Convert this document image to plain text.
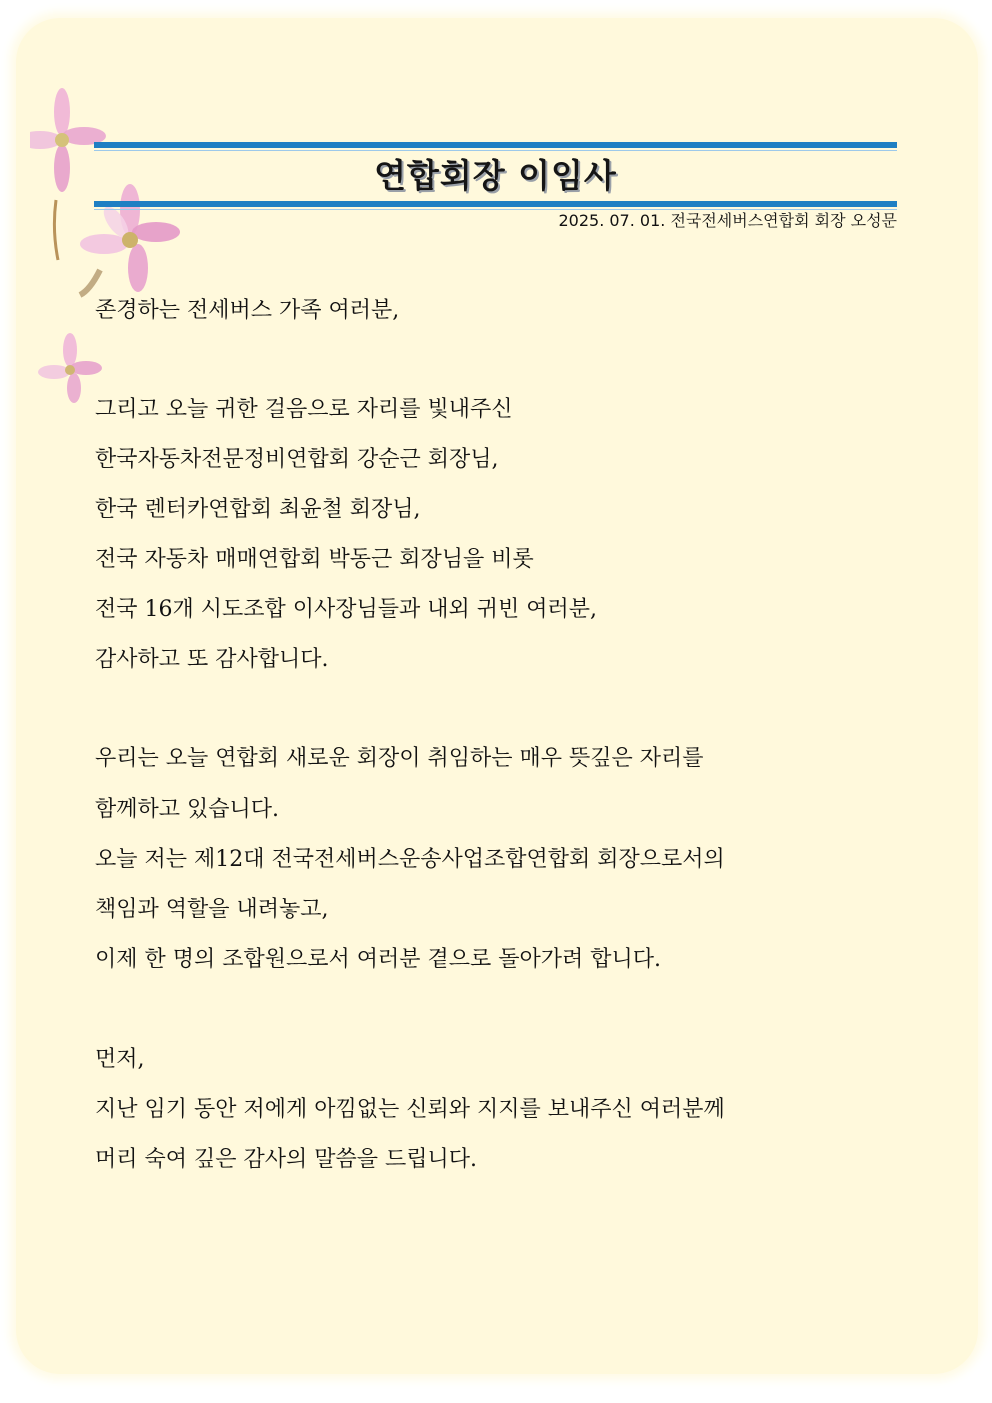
연합회장 이임사
2025. 07. 01. 전국전세버스연합회 회장 오성문
존경하는 전세버스 가족 여러분,
그리고 오늘 귀한 걸음으로 자리를 빛내주신
한국자동차전문정비연합회 강순근 회장님,
한국 렌터카연합회 최윤철 회장님,
전국 자동차 매매연합회 박동근 회장님을 비롯
전국 16개 시도조합 이사장님들과 내외 귀빈 여러분,
감사하고 또 감사합니다.
우리는 오늘 연합회 새로운 회장이 취임하는 매우 뜻깊은 자리를
함께하고 있습니다.
오늘 저는 제12대 전국전세버스운송사업조합연합회 회장으로서의
책임과 역할을 내려놓고,
이제 한 명의 조합원으로서 여러분 곁으로 돌아가려 합니다.
먼저,
지난 임기 동안 저에게 아낌없는 신뢰와 지지를 보내주신 여러분께
머리 숙여 깊은 감사의 말씀을 드립니다.
